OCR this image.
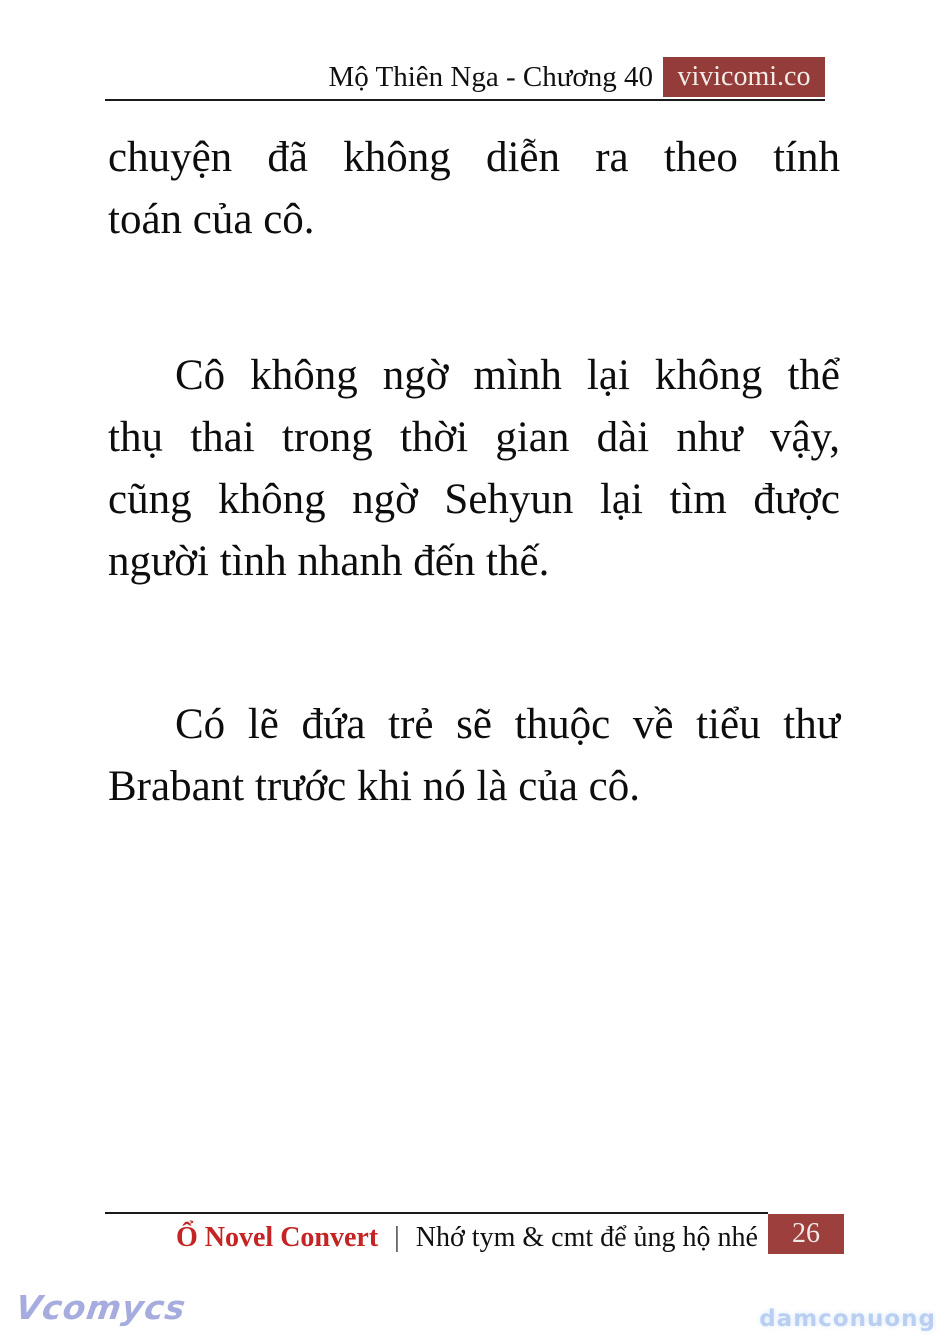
Mộ Thiên Nga - Chương 40 vivicomi.co
chuyện đã không diễn ra theo tính
toán của cô.
Cô không ngờ mình lại không thể
thụ thai trong thời gian dài như vậy,
cũng không ngờ Sehyun lại tìm được
người tình nhanh đến thế.
Có lẽ đứa trẻ sẽ thuộc về tiểu thư
Brabant trước khi nó là của cô.
Ổ Novel Convert | Nhớ tym & cmt để ủng hộ nhé	26
Vcomycs	damconuong
